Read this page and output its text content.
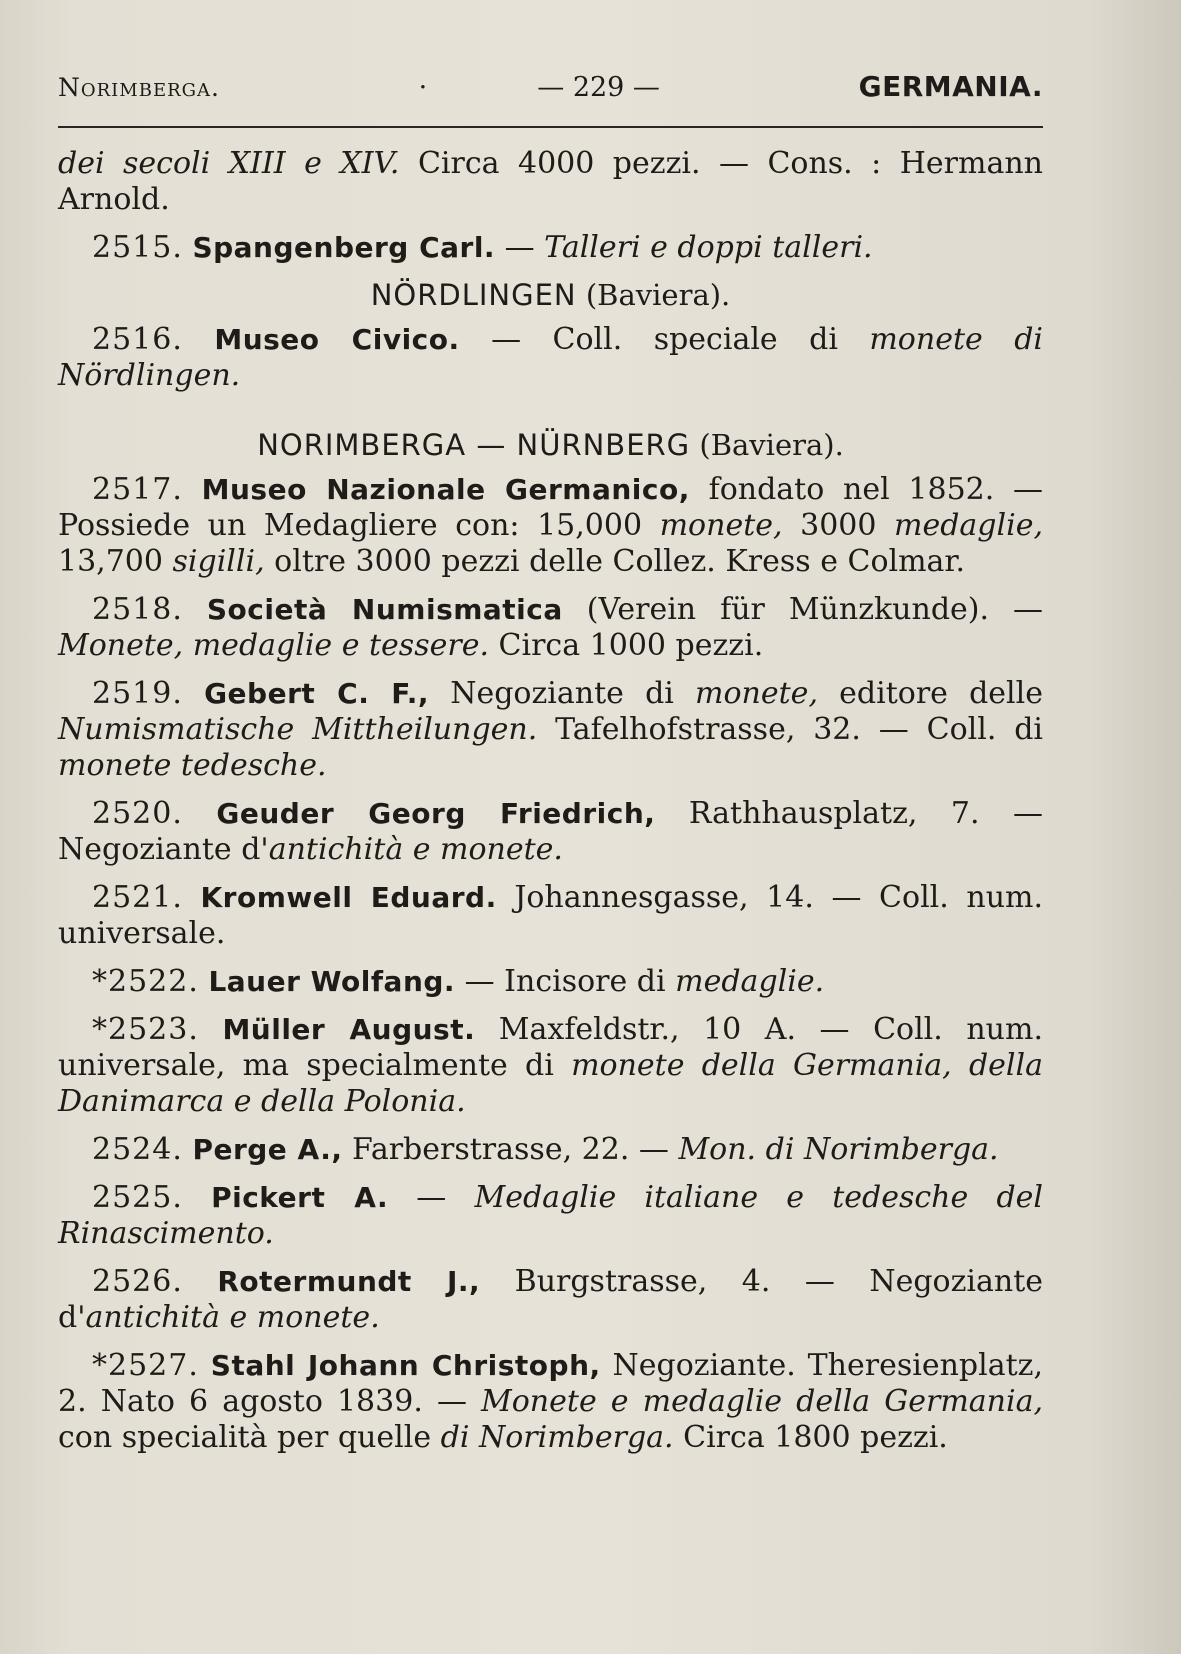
Norimberga.	·	— 229 —	GERMANIA.

dei secoli XIII e XIV. Circa 4000 pezzi. — Cons. : Hermann Arnold.

2515. Spangenberg Carl. — Talleri e doppi talleri.

NÖRDLINGEN (Baviera).

2516. Museo Civico. — Coll. speciale di monete di Nördlingen.

NORIMBERGA — NÜRNBERG (Baviera).

2517. Museo Nazionale Germanico, fondato nel 1852. — Possiede un Medagliere con: 15,000 monete, 3000 medaglie, 13,700 sigilli, oltre 3000 pezzi delle Collez. Kress e Colmar.

2518. Società Numismatica (Verein für Münzkunde). — Monete, medaglie e tessere. Circa 1000 pezzi.

2519. Gebert C. F., Negoziante di monete, editore delle Numismatische Mittheilungen. Tafelhofstrasse, 32. — Coll. di monete tedesche.

2520. Geuder Georg Friedrich, Rathhausplatz, 7. — Negoziante d'antichità e monete.

2521. Kromwell Eduard. Johannesgasse, 14. — Coll. num. universale.

*2522. Lauer Wolfang. — Incisore di medaglie.

*2523. Müller August. Maxfeldstr., 10 A. — Coll. num. universale, ma specialmente di monete della Germania, della Danimarca e della Polonia.

2524. Perge A., Farberstrasse, 22. — Mon. di Norimberga.

2525. Pickert A. — Medaglie italiane e tedesche del Rinascimento.

2526. Rotermundt J., Burgstrasse, 4. — Negoziante d'antichità e monete.

*2527. Stahl Johann Christoph, Negoziante. Theresienplatz, 2. Nato 6 agosto 1839. — Monete e medaglie della Germania, con specialità per quelle di Norimberga. Circa 1800 pezzi.
